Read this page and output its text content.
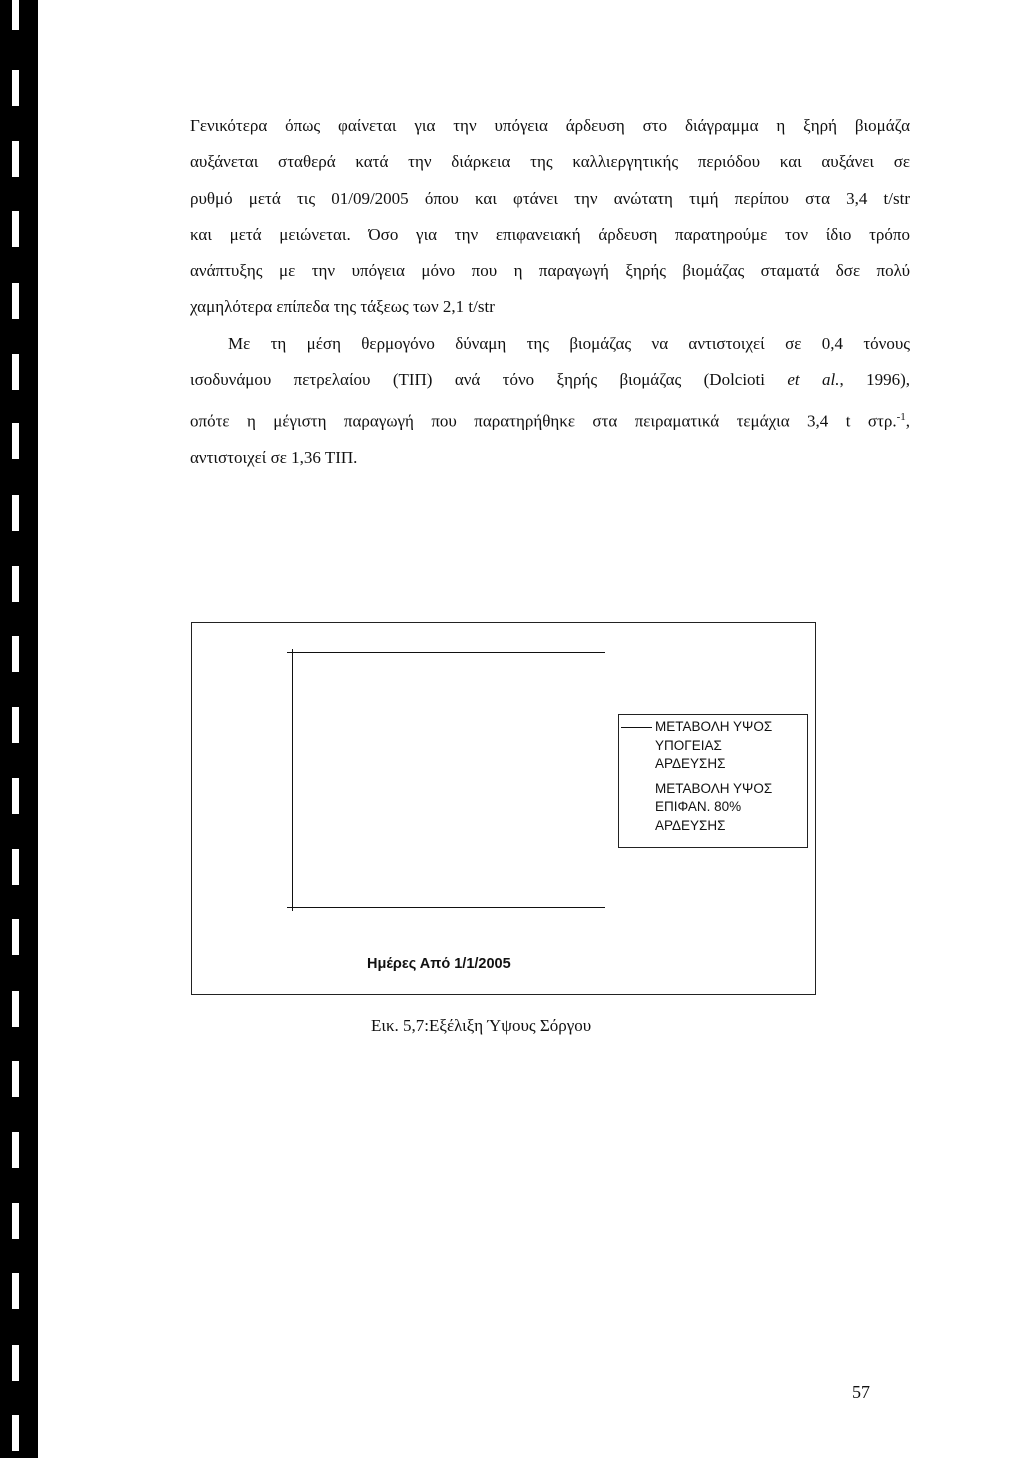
Γενικότερα όπως φαίνεται για την υπόγεια άρδευση στο διάγραμμα η ξηρή βιομάζα
αυξάνεται σταθερά κατά την διάρκεια της καλλιεργητικής περιόδου και αυξάνει σε
ρυθμό μετά τις 01/09/2005 όπου και φτάνει την ανώτατη τιμή περίπου στα 3,4 t/str
και μετά μειώνεται. Όσο για την επιφανειακή άρδευση παρατηρούμε τον ίδιο τρόπο
ανάπτυξης με την υπόγεια μόνο που η παραγωγή ξηρής βιομάζας σταματά δσε πολύ
χαμηλότερα επίπεδα της τάξεως των 2,1 t/str

Με τη μέση θερμογόνο δύναμη της βιομάζας να αντιστοιχεί σε 0,4 τόνους
ισοδυνάμου πετρελαίου (ΤΙΠ) ανά τόνο ξηρής βιομάζας (Dolcioti et al., 1996),
οπότε η μέγιστη παραγωγή που παρατηρήθηκε στα πειραματικά τεμάχια 3,4 t στρ.$^{-1}$,
αντιστοιχεί σε 1,36 ΤΙΠ.

57
ΜΕΤΑΒΟΛΗ ΥΨΟΣ
ΥΠΟΓΕΙΑΣ
ΑΡΔΕΥΣΗΣ
ΜΕΤΑΒΟΛΗ ΥΨΟΣ
ΕΠΙΦΑΝ. 80%
ΑΡΔΕΥΣΗΣ
Ημέρες Από 1/1/2005
Εικ. 5,7:Εξέλιξη Ύψους Σόργου
